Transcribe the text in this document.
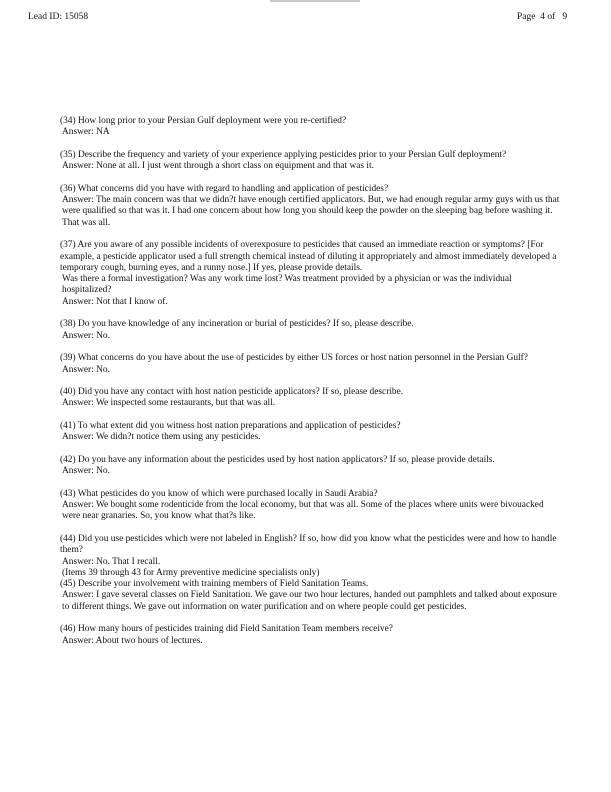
Lead ID: 15058	Page  4 of   9
(34) How long prior to your Persian Gulf deployment were you re-certified?
Answer: NA
(35) Describe the frequency and variety of your experience applying pesticides prior to your Persian Gulf deployment?
Answer: None at all. I just went through a short class on equipment and that was it.
(36) What concerns did you have with regard to handling and application of pesticides?
Answer: The main concern was that we didn?t have enough certified applicators. But, we had enough regular army guys with us that were qualified so that was it. I had one concern about how long you should keep the powder on the sleeping bag before washing it. That was all.
(37) Are you aware of any possible incidents of overexposure to pesticides that caused an immediate reaction or symptoms? [For example, a pesticide applicator used a full strength chemical instead of diluting it appropriately and almost immediately developed a temporary cough, burning eyes, and a runny nose.] If yes, please provide details.
Was there a formal investigation? Was any work time lost? Was treatment provided by a physician or was the individual hospitalized?
Answer: Not that I know of.
(38) Do you have knowledge of any incineration or burial of pesticides? If so, please describe.
Answer: No.
(39) What concerns do you have about the use of pesticides by either US forces or host nation personnel in the Persian Gulf?
Answer: No.
(40) Did you have any contact with host nation pesticide applicators? If so, please describe.
Answer: We inspected some restaurants, but that was all.
(41) To what extent did you witness host nation preparations and application of pesticides?
Answer: We didn?t notice them using any pesticides.
(42) Do you have any information about the pesticides used by host nation applicators? If so, please provide details.
Answer: No.
(43) What pesticides do you know of which were purchased locally in Saudi Arabia?
Answer: We bought some rodenticide from the local economy, but that was all. Some of the places where units were bivouacked were near granaries. So, you know what that?s like.
(44) Did you use pesticides which were not labeled in English? If so, how did you know what the pesticides were and how to handle them?
Answer: No. That I recall.
(Items 39 through 43 for Army preventive medicine specialists only)
(45) Describe your involvement with training members of Field Sanitation Teams.
Answer: I gave several classes on Field Sanitation. We gave our two hour lectures, handed out pamphlets and talked about exposure to different things. We gave out information on water purification and on where people could get pesticides.
(46) How many hours of pesticides training did Field Sanitation Team members receive?
Answer: About two hours of lectures.
